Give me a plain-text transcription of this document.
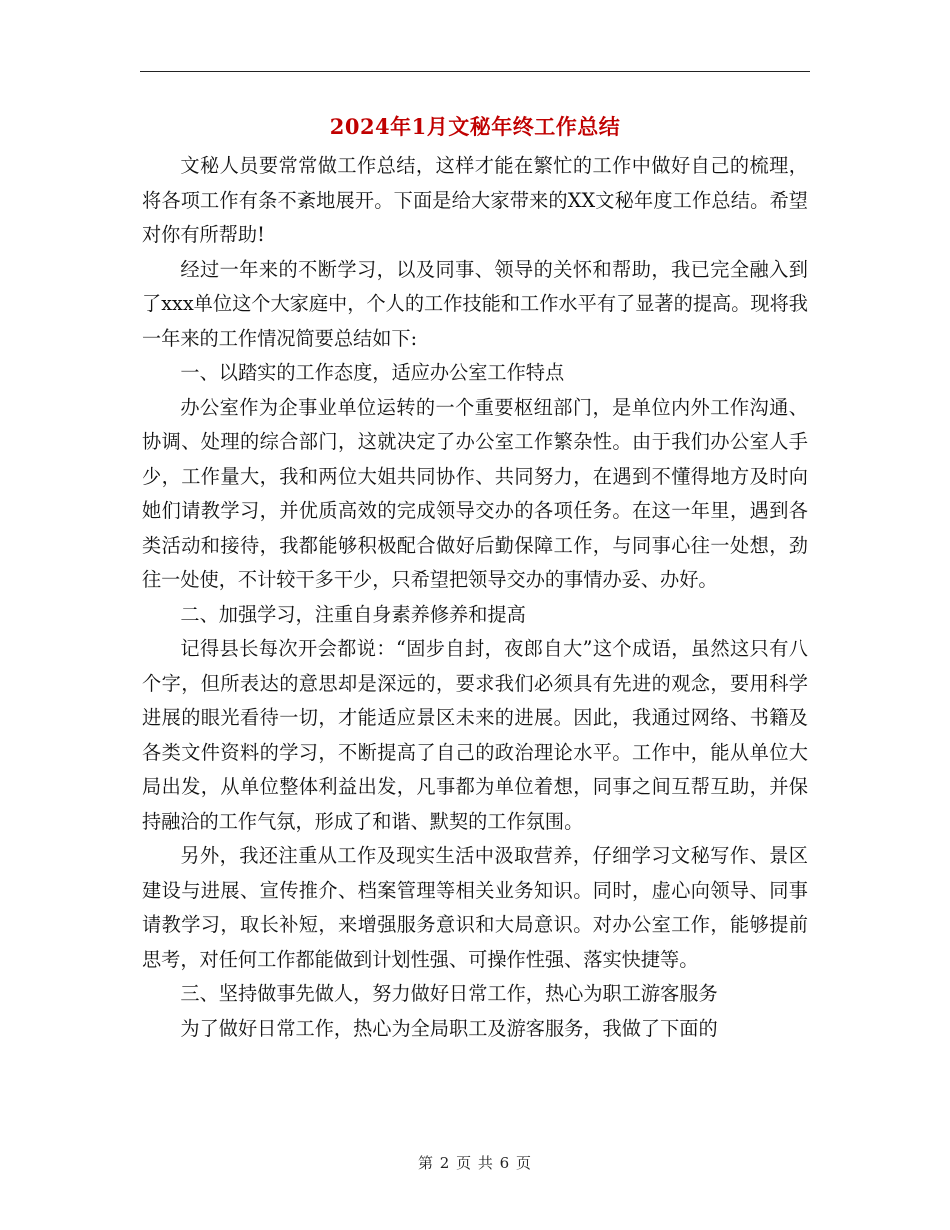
2024年1月文秘年终工作总结

文秘人员要常常做工作总结，这样才能在繁忙的工作中做好自己的梳理，将各项工作有条不紊地展开。下面是给大家带来的XX文秘年度工作总结。希望对你有所帮助!

经过一年来的不断学习，以及同事、领导的关怀和帮助，我已完全融入到了xxx单位这个大家庭中，个人的工作技能和工作水平有了显著的提高。现将我一年来的工作情况简要总结如下:

一、以踏实的工作态度，适应办公室工作特点

办公室作为企事业单位运转的一个重要枢纽部门，是单位内外工作沟通、协调、处理的综合部门，这就决定了办公室工作繁杂性。由于我们办公室人手少，工作量大，我和两位大姐共同协作、共同努力，在遇到不懂得地方及时向她们请教学习，并优质高效的完成领导交办的各项任务。在这一年里，遇到各类活动和接待，我都能够积极配合做好后勤保障工作，与同事心往一处想，劲往一处使，不计较干多干少，只希望把领导交办的事情办妥、办好。

二、加强学习，注重自身素养修养和提高

记得县长每次开会都说：“固步自封，夜郎自大”这个成语，虽然这只有八个字，但所表达的意思却是深远的，要求我们必须具有先进的观念，要用科学进展的眼光看待一切，才能适应景区未来的进展。因此，我通过网络、书籍及各类文件资料的学习，不断提高了自己的政治理论水平。工作中，能从单位大局出发，从单位整体利益出发，凡事都为单位着想，同事之间互帮互助，并保持融洽的工作气氛，形成了和谐、默契的工作氛围。

另外，我还注重从工作及现实生活中汲取营养，仔细学习文秘写作、景区建设与进展、宣传推介、档案管理等相关业务知识。同时，虚心向领导、同事请教学习，取长补短，来增强服务意识和大局意识。对办公室工作，能够提前思考，对任何工作都能做到计划性强、可操作性强、落实快捷等。

三、坚持做事先做人，努力做好日常工作，热心为职工游客服务

为了做好日常工作，热心为全局职工及游客服务，我做了下面的

第 2 页 共 6 页
